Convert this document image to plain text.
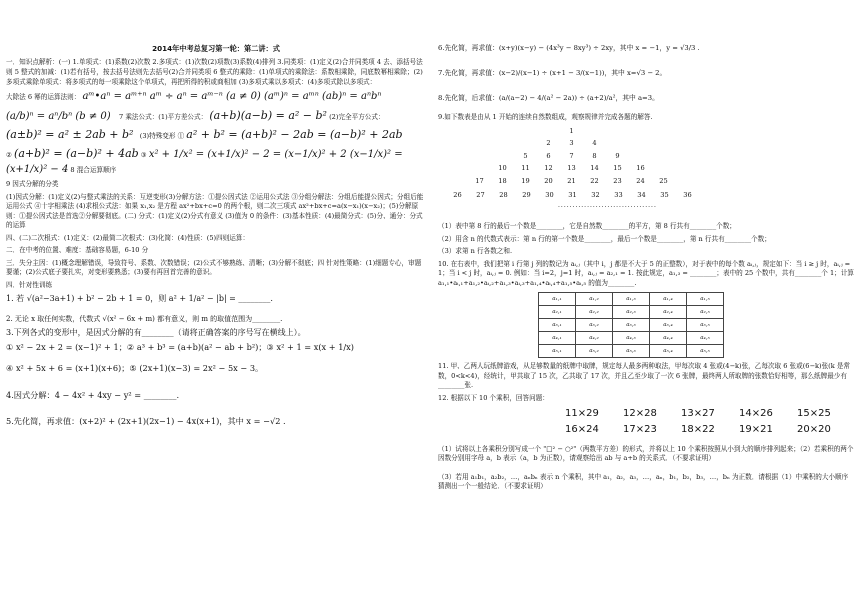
2014年中考总复习第一轮：第二讲：式

一．知识点解析：(一) 1.单项式：(1)系数(2)次数 2.多项式：(1)次数(2)项数(3)系数(4)排列 3.同类项：(1)定义(2)合并同类项 4 去、添括号法则 5 整式的加减：(1)若有括号，按去括号法则先去括号(2)合并同类项 6 整式的乘除：(1)单项式的乘除法：系数相乘除，同底数幂相乘除；(2)多项式乘除单项式：将多项式的每一项乘除这个单项式，再把所得的积或商相加 (3)多项式乘以多项式：(4)多项式除以多项式：

大除法 6 幂的运算法则： aᵐ•aⁿ = aᵐ⁺ⁿ aᵐ ÷ aⁿ = aᵐ⁻ⁿ (a ≠ 0) (aᵐ)ⁿ = aᵐⁿ (ab)ⁿ = aⁿbⁿ

(a/b)ⁿ = aⁿ/bⁿ (b ≠ 0) 7 乘法公式：(1)平方差公式： (a+b)(a−b) = a² − b² (2)完全平方公式：

(a±b)² = a² ± 2ab + b² (3)特殊变形 ① a² + b² = (a+b)² − 2ab = (a−b)² + 2ab

② (a+b)² = (a−b)² + 4ab ③ x² + 1/x² = (x+1/x)² − 2 = (x−1/x)² + 2 (x−1/x)² = (x+1/x)² − 4 8 混合运算顺序

9 因式分解的分类

(1)因式分解：(1)定义(2)与整式乘法的关系：互逆变形(3)分解方法：①提公因式法 ②运用公式法 ③分组分解法：分组后能提公因式；分组后能运用公式 ④十字相乘法 (4)求根公式法：如果 x₁,x₂ 是方程 ax²+bx+c=0 的两个根，则二次三项式 ax²+bx+c=a(x−x₁)(x−x₂)；(5)分解原则：①提公因式法是首选②分解要彻底。(二) 分式：(1)定义(2)分式有意义 (3)值为 0 的条件：(3)基本性质：(4)最简分式：(5)分、通分：分式的运算

四、(二)二次根式：(1)定义：(2)最简二次根式：(3)化简：(4)性质：(5)四则运算：

二．在中考的位置、难度：基础容易题，6-10 分

三．失分主因：(1)概念理解错误，导致符号、系数、次数错误；(2)公式不够熟练、清晰；(3)分解不彻底；四 针对性策略：(1)细题专心，审题要谨；(2)公式底子要扎实，对变形要熟悉；(3)要有再回首完善的意识。

四．针对性训练

1. 若 √(a²−3a+1) + b² − 2b + 1 = 0，则 a² + 1/a² − |b| = ________.

2. 无论 x 取任何实数，代数式 √(x² − 6x + m) 都有意义，则 m 的取值范围为________.

3.下列各式的变形中，是因式分解的有________（请将正确答案的序号写在横线上）。

① x² − 2x + 2 = (x−1)² + 1；② a³ + b³ = (a+b)(a² − ab + b²)；③ x² + 1 = x(x + 1/x)

④ x² + 5x + 6 = (x+1)(x+6)；⑤ (2x+1)(x−3) = 2x² − 5x − 3。

4.因式分解：4 − 4x² + 4xy − y² = ________.

5.先化简，再求值：(x+2)² + (2x+1)(2x−1) − 4x(x+1)，其中 x = −√2 .

6.先化简，再求值：(x+y)(x−y) − (4x³y − 8xy³) ÷ 2xy，其中 x = −1，y = √3/3 .

7.先化简，再求值：(x−2)/(x−1) ÷ (x+1 − 3/(x−1))，其中 x=√3 − 2。

8.先化简，后求值：(a/(a−2) − 4/(a² − 2a)) ÷ (a+2)/a²，其中 a=3。

9.如下数表是由从 1 开始的连续自然数组成，观察规律并完成各题的解答.

				1				
			2	3	4			
		5	6	7	8	9		
	10	11	12	13	14	15	16	
17	18	19	20	21	22	23	24	25
26	27	28	29	30	31	32	33	34	35	36

··································

（1）表中第 8 行的最后一个数是________，它是自然数________的平方，第 8 行共有________个数；

（2）用含 n 的代数式表示：第 n 行的第一个数是________，最后一个数是________，第 n 行共有________个数；

（3）求第 n 行各数之和.

10. 在右表中，我们把第 i 行第 j 列的数记为 aᵢ,ⱼ（其中 i，j 都是不大于 5 的正整数），对于表中的每个数 aᵢ,ⱼ，规定如下：当 i ≥ j 时，aᵢ,ⱼ = 1；当 i < j 时，aᵢ,ⱼ = 0. 例如：当 i=2，j=1 时，aᵢ,ⱼ = a₂,₁ = 1. 按此规定，a₁,₃ = ________；表中的 25 个数中，共有________个 1；计算 a₁,₁•aᵢ,₁+a₁,₂•aᵢ,₂+a₁,₃•aᵢ,₃+a₁,₄•aᵢ,₄+a₁,₅•aᵢ,₅ 的值为________.

a₁,₁	a₁,₂	a₁,₃	a₁,₄	a₁,₅
a₂,₁	a₂,₂	a₂,₃	a₂,₄	a₂,₅
a₃,₁	a₃,₂	a₃,₃	a₃,₄	a₃,₅
a₄,₁	a₄,₂	a₄,₃	a₄,₄	a₄,₅
a₅,₁	a₅,₂	a₅,₃	a₅,₄	a₅,₅

11. 甲、乙两人玩纸牌游戏，从足够数量的纸牌中取牌，规定每人最多两种取法，甲每次取 4 张或(4−k)张，乙每次取 6 张或(6−k)张(k 是常数，0<k<4)，经统计，甲共取了 15 次，乙共取了 17 次，并且乙至少取了一次 6 张牌，最终两人所取牌的张数恰好相等，那么纸牌最少有________张.

12. 根据以下 10 个乘积，回答问题：

11×29	12×28	13×27	14×26	15×25
16×24	17×23	18×22	19×21	20×20

（1）试将以上各乘积分别写成一个 "□² − ○²"（两数平方差）的形式，并将以上 10 个乘积按照从小到大的顺序排列起来；（2）若乘积的两个因数分别用字母 a，b 表示（a，b 为正数），请观察给出 ab 与 a+b 的关系式．（不要求证明）

（3）若用 a₁b₁，a₂b₂，…，aₙbₙ 表示 n 个乘积，其中 a₁，a₂，a₃，…，aₙ，b₁，b₂，b₃，…，bₙ 为正数．请根据（1）中乘积的大小顺序猜测出一个一般结论．（不要求证明）
